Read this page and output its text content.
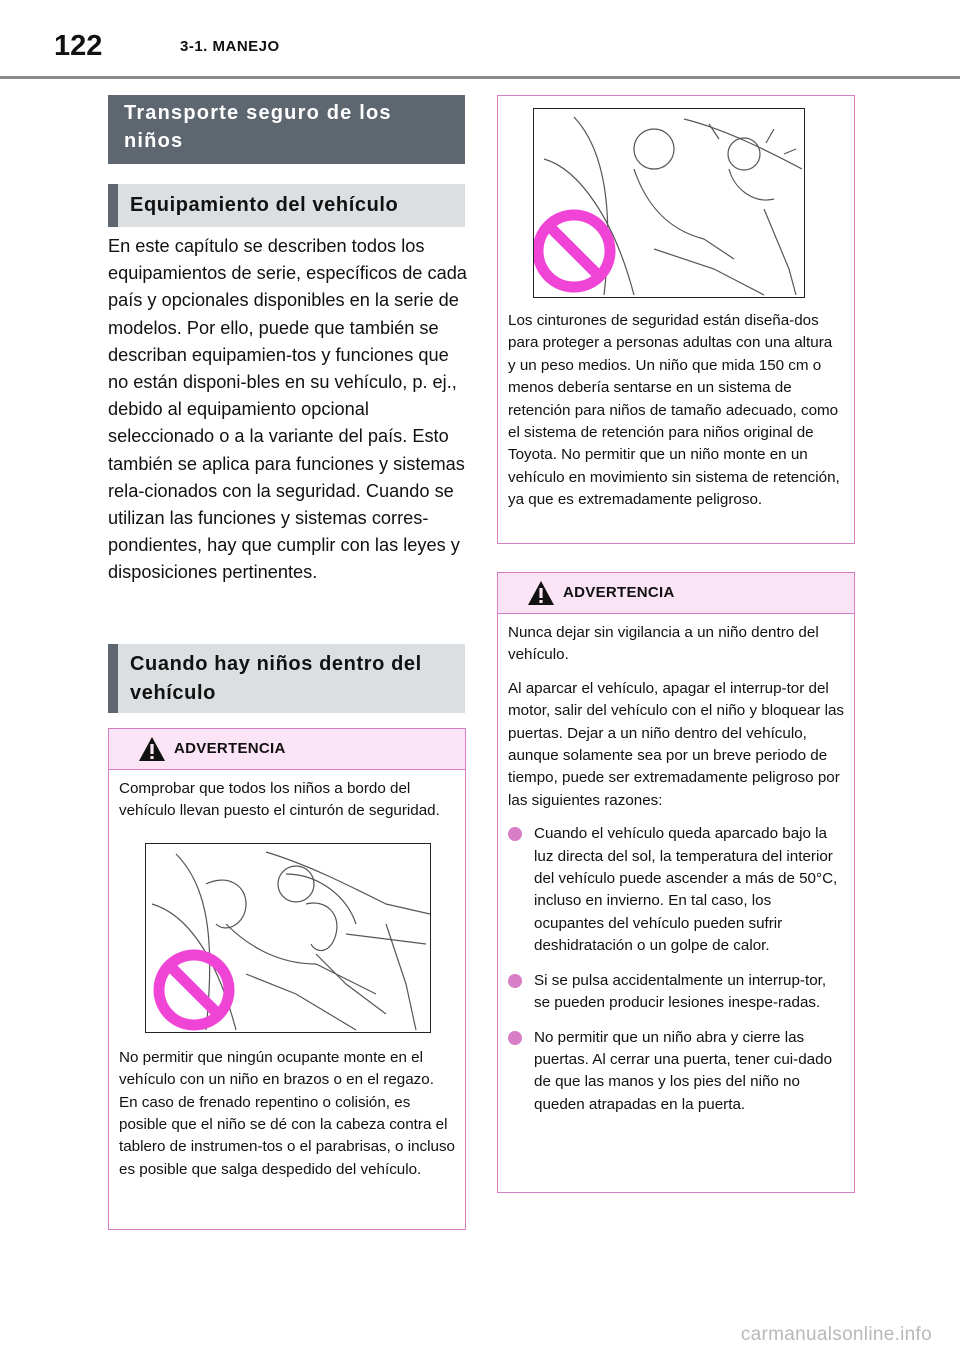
122	3-1. MANEJO
Transporte seguro de los niños
Equipamiento del vehículo

En este capítulo se describen todos los equipamientos de serie, específicos de cada país y opcionales disponibles en la serie de modelos. Por ello, puede que también se describan equipamien-tos y funciones que no están disponi-bles en su vehículo, p. ej., debido al equipamiento opcional seleccionado o a la variante del país. Esto también se aplica para funciones y sistemas rela-cionados con la seguridad. Cuando se utilizan las funciones y sistemas corres-pondientes, hay que cumplir con las leyes y disposiciones pertinentes.

Cuando hay niños dentro del vehículo
ADVERTENCIA

Comprobar que todos los niños a bordo del vehículo llevan puesto el cinturón de seguridad.

No permitir que ningún ocupante monte en el vehículo con un niño en brazos o en el regazo. En caso de frenado repentino o colisión, es posible que el niño se dé con la cabeza contra el tablero de instrumen-tos o el parabrisas, o incluso es posible que salga despedido del vehículo.

Los cinturones de seguridad están diseña-dos para proteger a personas adultas con una altura y un peso medios. Un niño que mida 150 cm o menos debería sentarse en un sistema de retención para niños de tamaño adecuado, como el sistema de retención para niños original de Toyota. No permitir que un niño monte en un vehículo en movimiento sin sistema de retención, ya que es extremadamente peligroso.

ADVERTENCIA

Nunca dejar sin vigilancia a un niño dentro del vehículo.

Al aparcar el vehículo, apagar el interrup-tor del motor, salir del vehículo con el niño y bloquear las puertas. Dejar a un niño dentro del vehículo, aunque solamente sea por un breve periodo de tiempo, puede ser extremadamente peligroso por las siguientes razones:

Cuando el vehículo queda aparcado bajo la luz directa del sol, la temperatura del interior del vehículo puede ascender a más de 50°C, incluso en invierno. En tal caso, los ocupantes del vehículo pueden sufrir deshidratación o un golpe de calor.
Si se pulsa accidentalmente un interrup-tor, se pueden producir lesiones inespe-radas.
No permitir que un niño abra y cierre las puertas. Al cerrar una puerta, tener cui-dado de que las manos y los pies del niño no queden atrapadas en la puerta.
carmanualsonline.info
